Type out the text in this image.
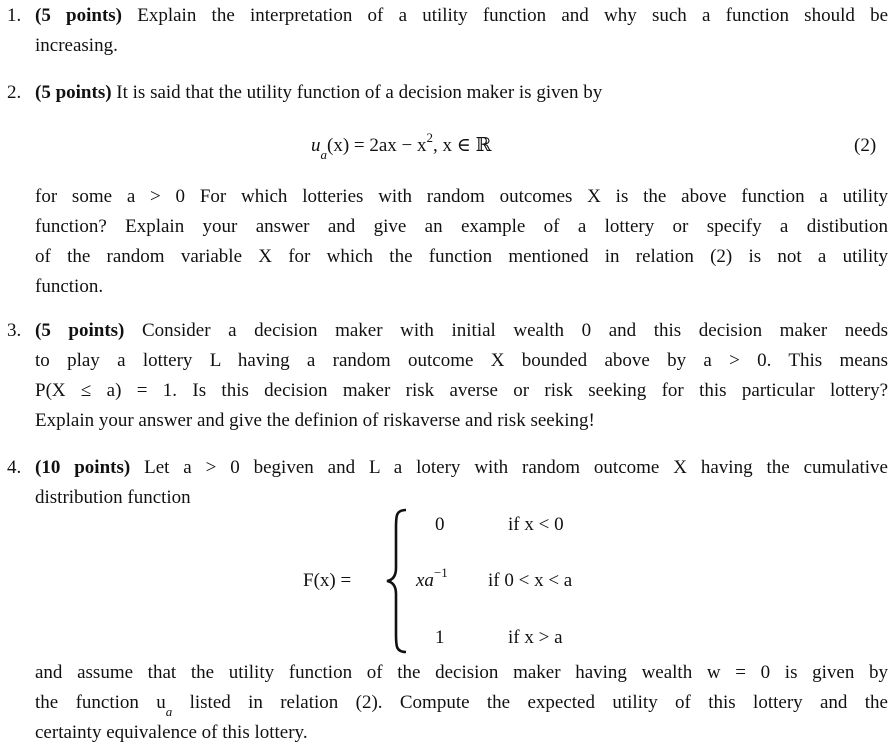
1. (5 points) Explain the interpretation of a utility function and why such a function should be
increasing.
2. (5 points) It is said that the utility function of a decision maker is given by
$u_a(x) = 2ax - x^2$, x ∈ ℝ	(2)
for some a > 0 For which lotteries with random outcomes X is the above function a utility
function? Explain your answer and give an example of a lottery or specify a distibution
of the random variable X for which the function mentioned in relation (2) is not a utility
function.
3. (5 points) Consider a decision maker with initial wealth 0 and this decision maker needs
to play a lottery L having a random outcome X bounded above by a > 0. This means
P(X ≤ a) = 1. Is this decision maker risk averse or risk seeking for this particular lottery?
Explain your answer and give the definion of riskaverse and risk seeking!
4. (10 points) Let a > 0 begiven and L a lotery with random outcome X having the cumulative
distribution function
F(x) =
0	if x < 0
$xa^{-1}$ if 0 < x < a
1	if x > a
and assume that the utility function of the decision maker having wealth w = 0 is given by
the function $u_a$ listed in relation (2). Compute the expected utility of this lottery and the
certainty equivalence of this lottery.
